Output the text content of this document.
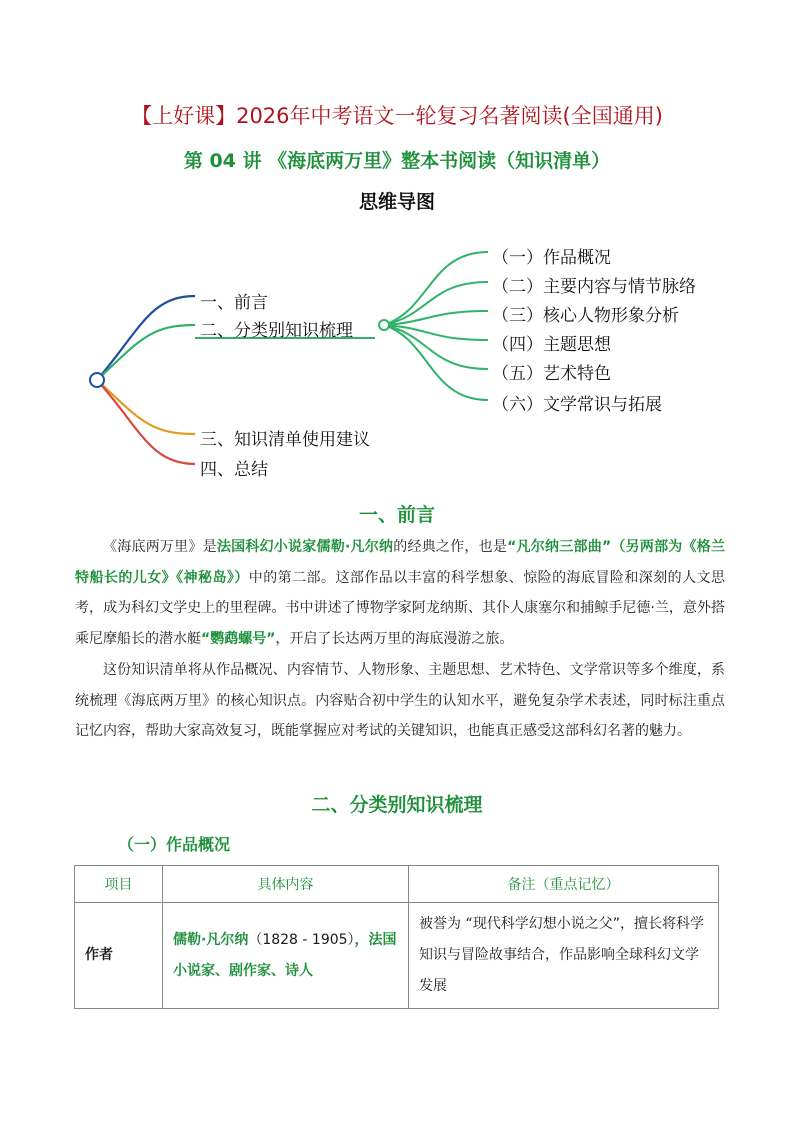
【上好课】2026年中考语文一轮复习名著阅读(全国通用)
第 04 讲 《海底两万里》整本书阅读（知识清单）
思维导图
一、前言
二、分类别知识梳理
三、知识清单使用建议
四、总结
（一）作品概况
（二）主要内容与情节脉络
（三）核心人物形象分析
（四）主题思想
（五）艺术特色
（六）文学常识与拓展
一、前言
《海底两万里》是法国科幻小说家儒勒·凡尔纳的经典之作，也是“凡尔纳三部曲”（另两部为《格兰特船长的儿女》《神秘岛》）中的第二部。这部作品以丰富的科学想象、惊险的海底冒险和深刻的人文思考，成为科幻文学史上的里程碑。书中讲述了博物学家阿龙纳斯、其仆人康塞尔和捕鲸手尼德·兰，意外搭乘尼摩船长的潜水艇“鹦鹉螺号”，开启了长达两万里的海底漫游之旅。
这份知识清单将从作品概况、内容情节、人物形象、主题思想、艺术特色、文学常识等多个维度，系统梳理《海底两万里》的核心知识点。内容贴合初中学生的认知水平，避免复杂学术表述，同时标注重点记忆内容，帮助大家高效复习，既能掌握应对考试的关键知识，也能真正感受这部科幻名著的魅力。
二、分类别知识梳理
（一）作品概况
项目	具体内容	备注（重点记忆）
作者	儒勒·凡尔纳（1828 - 1905），法国小说家、剧作家、诗人	被誉为 “现代科学幻想小说之父”，擅长将科学知识与冒险故事结合，作品影响全球科幻文学发展
